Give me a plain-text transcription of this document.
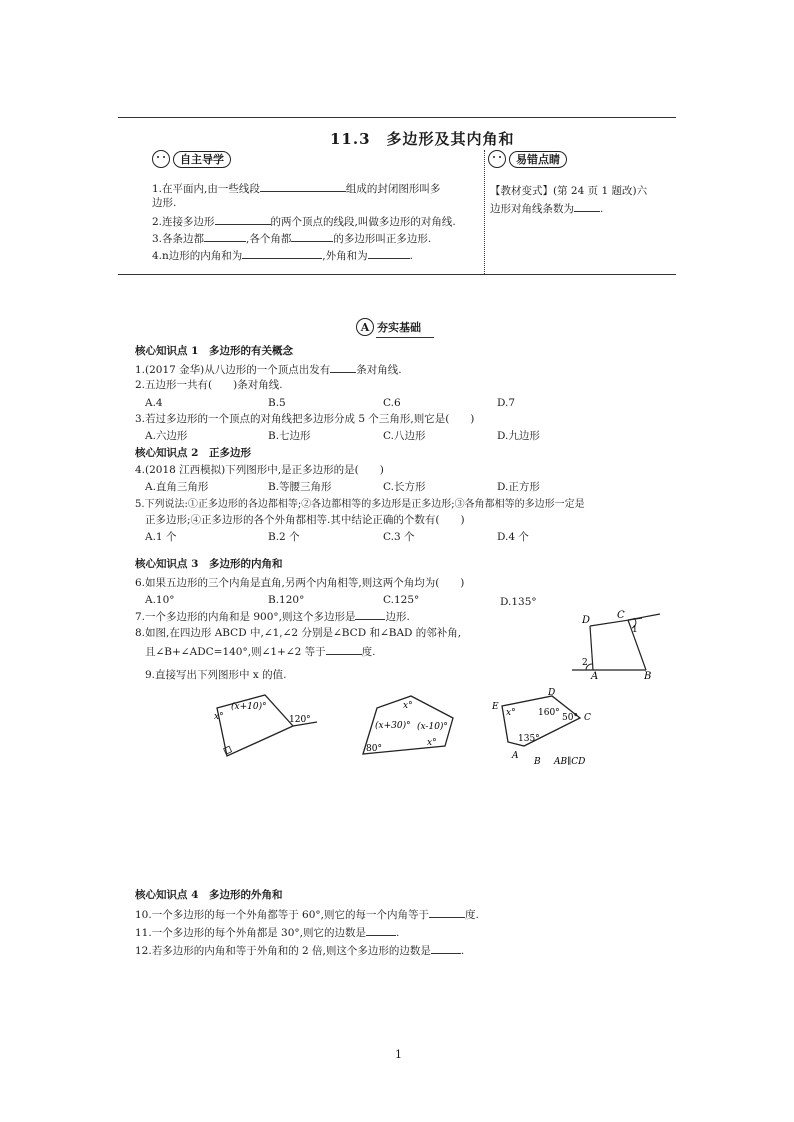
11.3　多边形及其内角和
自主导学	易错点睛
1.在平面内,由一些线段	组成的封闭图形叫多
边形.
2.连接多边形	的两个顶点的线段,叫做多边形的对角线.
3.各条边都	,各个角都	的多边形叫正多边形.
4.n边形的内角和为	,外角和为	.
【教材变式】(第 24 页 1 题改)六
边形对角线条数为 .
A 夯实基础
核心知识点 1　多边形的有关概念
1.(2017 金华)从八边形的一个顶点出发有 条对角线.
2.五边形一共有(　　)条对角线.
A.4	B.5	C.6	D.7
3.若过多边形的一个顶点的对角线把多边形分成 5 个三角形,则它是(　　)
A.六边形	B.七边形	C.八边形	D.九边形
核心知识点 2　正多边形
4.(2018 江西模拟)下列图形中,是正多边形的是(　　)
A.直角三角形	B.等腰三角形	C.长方形	D.正方形
5.下列说法:①正多边形的各边都相等;②各边都相等的多边形是正多边形;③各角都相等的多边形一定是
正多边形;④正多边形的各个外角都相等.其中结论正确的个数有(　　)
A.1 个	B.2 个	C.3 个	D.4 个
核心知识点 3　多边形的内角和
6.如果五边形的三个内角是直角,另两个内角相等,则这两个角均为(　　)
A.10°	B.120°	C.125°	D.135°
7.一个多边形的内角和是 900°,则这个多边形是	边形.
8.如图,在四边形 ABCD 中,∠1,∠2 分别是∠BCD 和∠BAD 的邻补角,
且∠B+∠ADC=140°,则∠1+∠2 等于	度.
D	C
1
2
A	B
9.直接写出下列图形中 x 的值.
x°
(x+10)°
120°
x°
(x+30)° (x-10)°
80°
x°
E
D
C
A
B
x° 160° 50°
135°
AB∥CD
核心知识点 4　多边形的外角和
10.一个多边形的每一个外角都等于 60°,则它的每一个内角等于	度.
11.一个多边形的每个外角都是 30°,则它的边数是	.
12.若多边形的内角和等于外角和的 2 倍,则这个多边形的边数是	.
1
